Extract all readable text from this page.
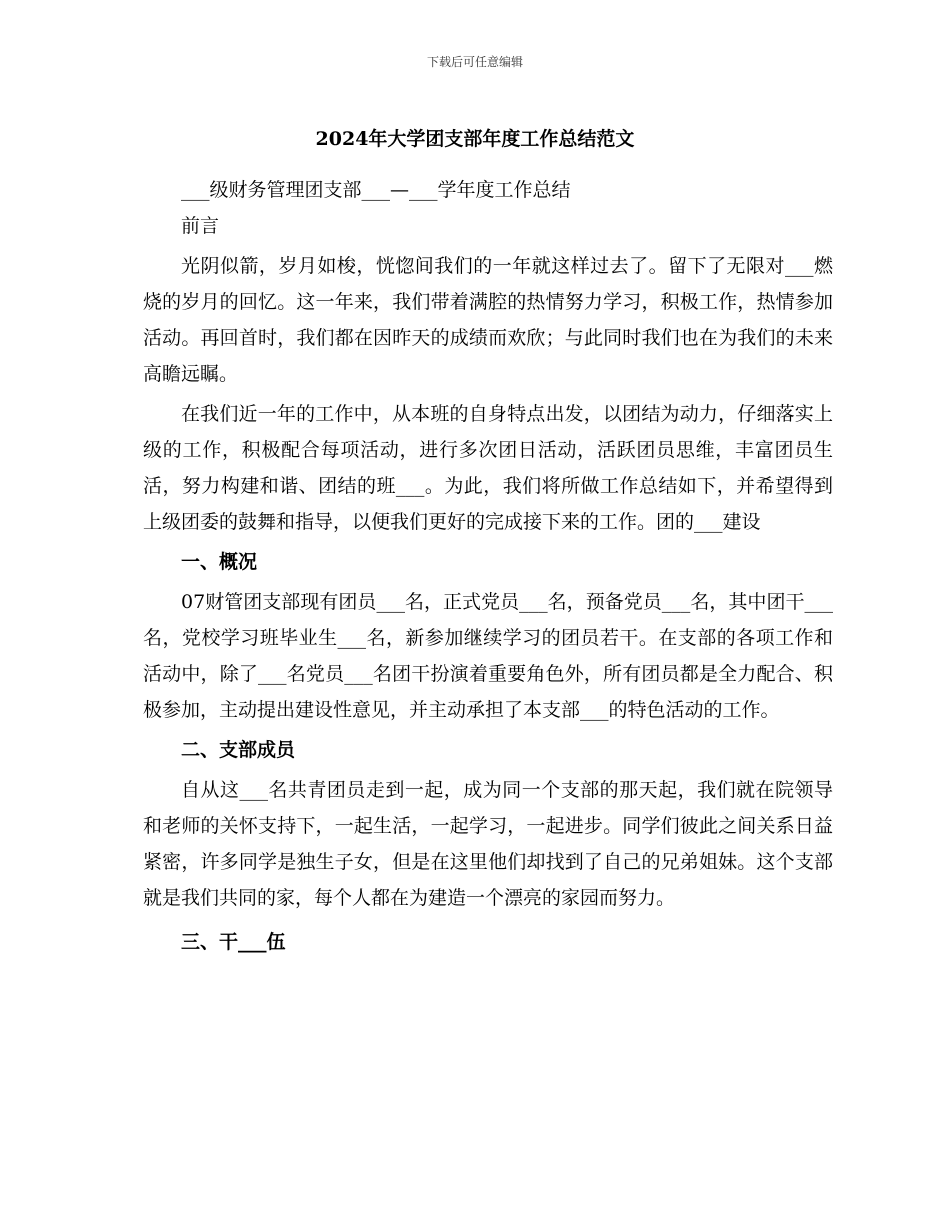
下载后可任意编辑
2024年大学团支部年度工作总结范文

___级财务管理团支部___—___学年度工作总结

前言

光阴似箭，岁月如梭，恍惚间我们的一年就这样过去了。留下了无限对___燃烧的岁月的回忆。这一年来，我们带着满腔的热情努力学习，积极工作，热情参加活动。再回首时，我们都在因昨天的成绩而欢欣；与此同时我们也在为我们的未来高瞻远瞩。

在我们近一年的工作中，从本班的自身特点出发，以团结为动力，仔细落实上级的工作，积极配合每项活动，进行多次团日活动，活跃团员思维，丰富团员生活，努力构建和谐、团结的班___。为此，我们将所做工作总结如下，并希望得到上级团委的鼓舞和指导，以便我们更好的完成接下来的工作。团的___建设

一、概况

07财管团支部现有团员___名，正式党员___名，预备党员___名，其中团干___名，党校学习班毕业生___名，新参加继续学习的团员若干。在支部的各项工作和活动中，除了___名党员___名团干扮演着重要角色外，所有团员都是全力配合、积极参加，主动提出建设性意见，并主动承担了本支部___的特色活动的工作。

二、支部成员

自从这___名共青团员走到一起，成为同一个支部的那天起，我们就在院领导和老师的关怀支持下，一起生活，一起学习，一起进步。同学们彼此之间关系日益紧密，许多同学是独生子女，但是在这里他们却找到了自己的兄弟姐妹。这个支部就是我们共同的家，每个人都在为建造一个漂亮的家园而努力。

三、干___伍
